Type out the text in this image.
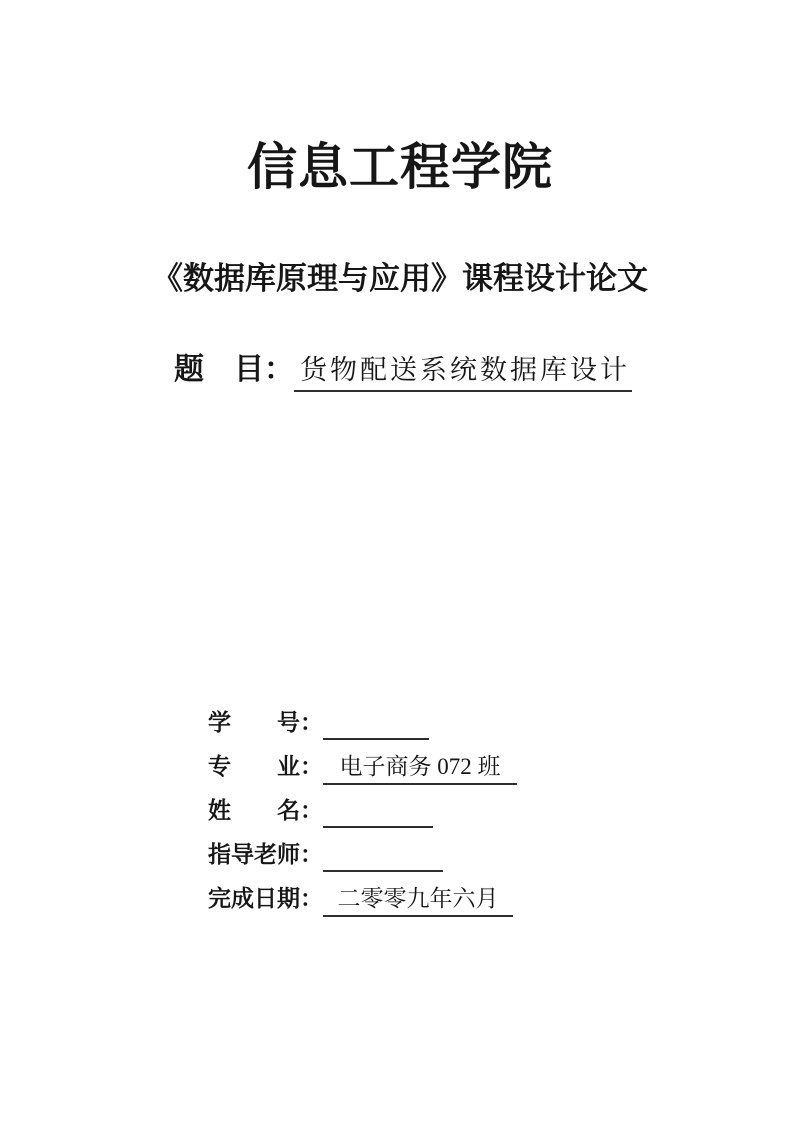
信息工程学院
《数据库原理与应用》课程设计论文
题　目： 货物配送系统数据库设计
学　　号：

专　　业： 电子商务 072 班
姓　　名：

指导老师：

完成日期： 二零零九年六月
